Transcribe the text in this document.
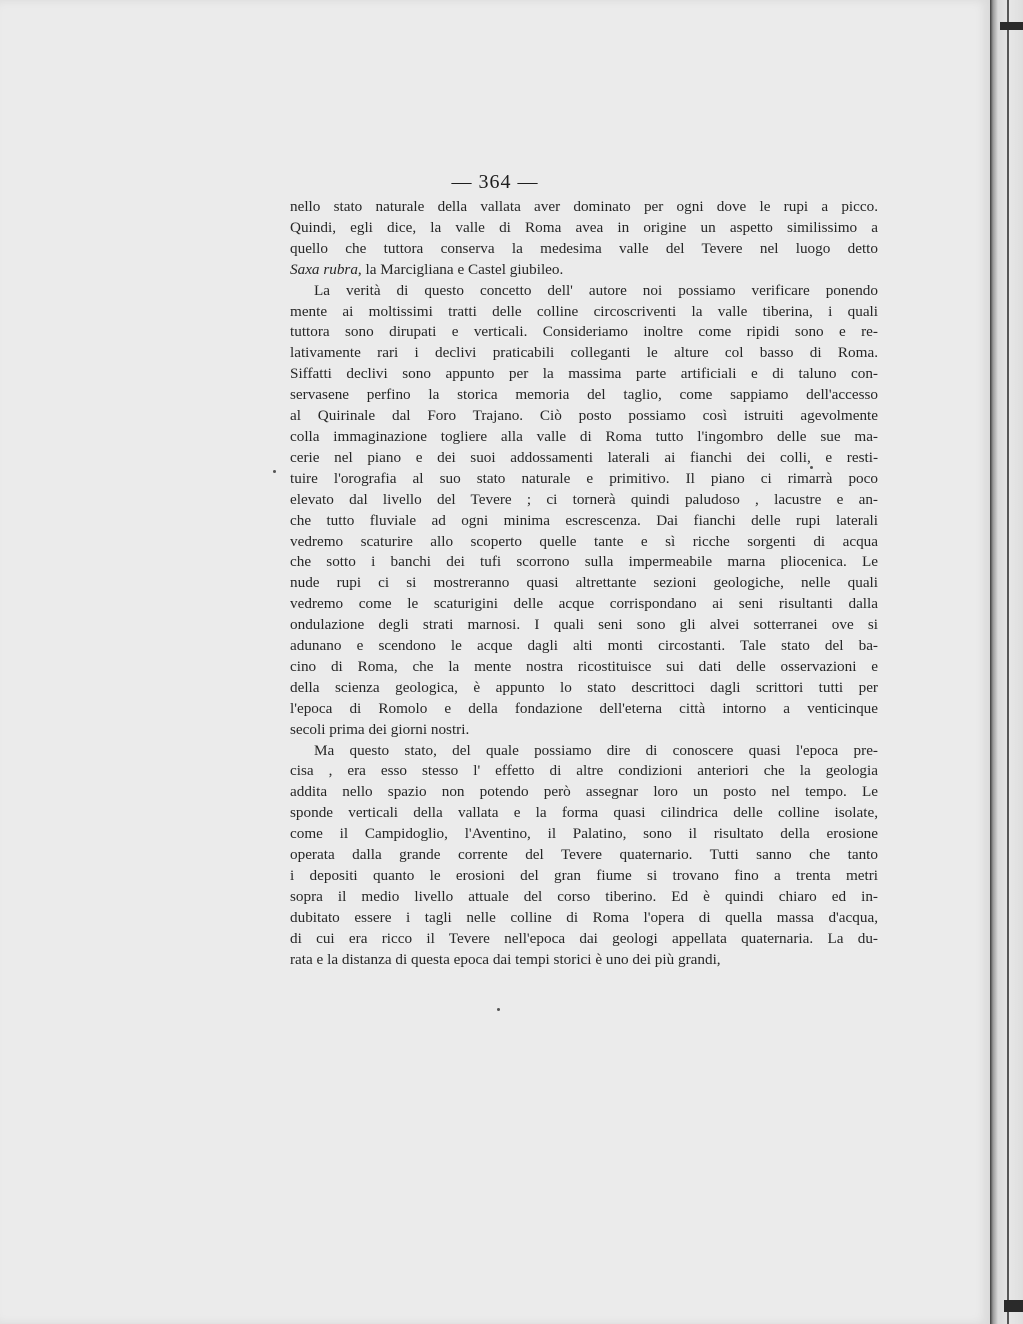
— 364 —

nello stato naturale della vallata aver dominato per ogni dove le rupi a picco.
Quindi, egli dice, la valle di Roma avea in origine un aspetto similissimo a
quello che tuttora conserva la medesima valle del Tevere nel luogo detto
Saxa rubra, la Marcigliana e Castel giubileo.

La verità di questo concetto dell' autore noi possiamo verificare ponendo
mente ai moltissimi tratti delle colline circoscriventi la valle tiberina, i quali
tuttora sono dirupati e verticali. Consideriamo inoltre come ripidi sono e re-
lativamente rari i declivi praticabili colleganti le alture col basso di Roma.
Siffatti declivi sono appunto per la massima parte artificiali e di taluno con-
servasene perfino la storica memoria del taglio, come sappiamo dell'accesso
al Quirinale dal Foro Trajano. Ciò posto possiamo così istruiti agevolmente
colla immaginazione togliere alla valle di Roma tutto l'ingombro delle sue ma-
cerie nel piano e dei suoi addossamenti laterali ai fianchi dei colli, e resti-
tuire l'orografia al suo stato naturale e primitivo. Il piano ci rimarrà poco
elevato dal livello del Tevere ; ci tornerà quindi paludoso , lacustre e an-
che tutto fluviale ad ogni minima escrescenza. Dai fianchi delle rupi laterali
vedremo scaturire allo scoperto quelle tante e sì ricche sorgenti di acqua
che sotto i banchi dei tufi scorrono sulla impermeabile marna pliocenica. Le
nude rupi ci si mostreranno quasi altrettante sezioni geologiche, nelle quali
vedremo come le scaturigini delle acque corrispondano ai seni risultanti dalla
ondulazione degli strati marnosi. I quali seni sono gli alvei sotterranei ove si
adunano e scendono le acque dagli alti monti circostanti. Tale stato del ba-
cino di Roma, che la mente nostra ricostituisce sui dati delle osservazioni e
della scienza geologica, è appunto lo stato descrittoci dagli scrittori tutti per
l'epoca di Romolo e della fondazione dell'eterna città intorno a venticinque
secoli prima dei giorni nostri.

Ma questo stato, del quale possiamo dire di conoscere quasi l'epoca pre-
cisa , era esso stesso l' effetto di altre condizioni anteriori che la geologia
addita nello spazio non potendo però assegnar loro un posto nel tempo. Le
sponde verticali della vallata e la forma quasi cilindrica delle colline isolate,
come il Campidoglio, l'Aventino, il Palatino, sono il risultato della erosione
operata dalla grande corrente del Tevere quaternario. Tutti sanno che tanto
i depositi quanto le erosioni del gran fiume si trovano fino a trenta metri
sopra il medio livello attuale del corso tiberino. Ed è quindi chiaro ed in-
dubitato essere i tagli nelle colline di Roma l'opera di quella massa d'acqua,
di cui era ricco il Tevere nell'epoca dai geologi appellata quaternaria. La du-
rata e la distanza di questa epoca dai tempi storici è uno dei più grandi,
